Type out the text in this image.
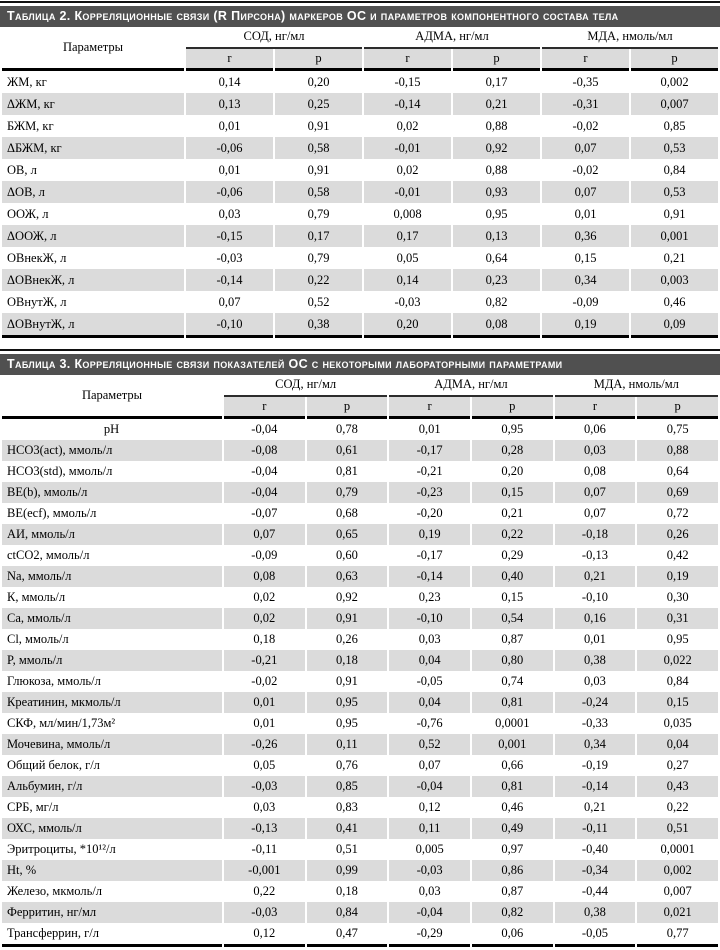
Таблица 2. Корреляционные связи (R Пирсона) маркеров ОС и параметров компонентного состава тела
Параметры	СОД, нг/мл		АДМА, нг/мл		МДА, нмоль/мл	
	r	p	r	p	r	p
ЖМ, кг	0,14	0,20	-0,15	0,17	-0,35	0,002
ΔЖМ, кг	0,13	0,25	-0,14	0,21	-0,31	0,007
БЖМ, кг	0,01	0,91	0,02	0,88	-0,02	0,85
ΔБЖМ, кг	-0,06	0,58	-0,01	0,92	0,07	0,53
ОВ, л	0,01	0,91	0,02	0,88	-0,02	0,84
ΔОВ, л	-0,06	0,58	-0,01	0,93	0,07	0,53
ООЖ, л	0,03	0,79	0,008	0,95	0,01	0,91
ΔООЖ, л	-0,15	0,17	0,17	0,13	0,36	0,001
ОВнекЖ, л	-0,03	0,79	0,05	0,64	0,15	0,21
ΔОВнекЖ, л	-0,14	0,22	0,14	0,23	0,34	0,003
ОВнутЖ, л	0,07	0,52	-0,03	0,82	-0,09	0,46
ΔОВнутЖ, л	-0,10	0,38	0,20	0,08	0,19	0,09
Таблица 3. Корреляционные связи показателей ОС с некоторыми лабораторными параметрами
Параметры	СОД, нг/мл		АДМА, нг/мл		МДА, нмоль/мл	
	r	p	r	p	r	p
рН	-0,04	0,78	0,01	0,95	0,06	0,75
HCO3(act), ммоль/л	-0,08	0,61	-0,17	0,28	0,03	0,88
HCO3(std), ммоль/л	-0,04	0,81	-0,21	0,20	0,08	0,64
BE(b), ммоль/л	-0,04	0,79	-0,23	0,15	0,07	0,69
BE(ecf), ммоль/л	-0,07	0,68	-0,20	0,21	0,07	0,72
АИ, ммоль/л	0,07	0,65	0,19	0,22	-0,18	0,26
ctCO2, ммоль/л	-0,09	0,60	-0,17	0,29	-0,13	0,42
Na, ммоль/л	0,08	0,63	-0,14	0,40	0,21	0,19
К, ммоль/л	0,02	0,92	0,23	0,15	-0,10	0,30
Ca, ммоль/л	0,02	0,91	-0,10	0,54	0,16	0,31
Cl, ммоль/л	0,18	0,26	0,03	0,87	0,01	0,95
P, ммоль/л	-0,21	0,18	0,04	0,80	0,38	0,022
Глюкоза, ммоль/л	-0,02	0,91	-0,05	0,74	0,03	0,84
Креатинин, мкмоль/л	0,01	0,95	0,04	0,81	-0,24	0,15
СКФ, мл/мин/1,73м²	0,01	0,95	-0,76	0,0001	-0,33	0,035
Мочевина, ммоль/л	-0,26	0,11	0,52	0,001	0,34	0,04
Общий белок, г/л	0,05	0,76	0,07	0,66	-0,19	0,27
Альбумин, г/л	-0,03	0,85	-0,04	0,81	-0,14	0,43
СРБ, мг/л	0,03	0,83	0,12	0,46	0,21	0,22
ОХС, ммоль/л	-0,13	0,41	0,11	0,49	-0,11	0,51
Эритроциты, *10¹²/л	-0,11	0,51	0,005	0,97	-0,40	0,0001
Ht, %	-0,001	0,99	-0,03	0,86	-0,34	0,002
Железо, мкмоль/л	0,22	0,18	0,03	0,87	-0,44	0,007
Ферритин, нг/мл	-0,03	0,84	-0,04	0,82	0,38	0,021
Трансферрин, г/л	0,12	0,47	-0,29	0,06	-0,05	0,77
